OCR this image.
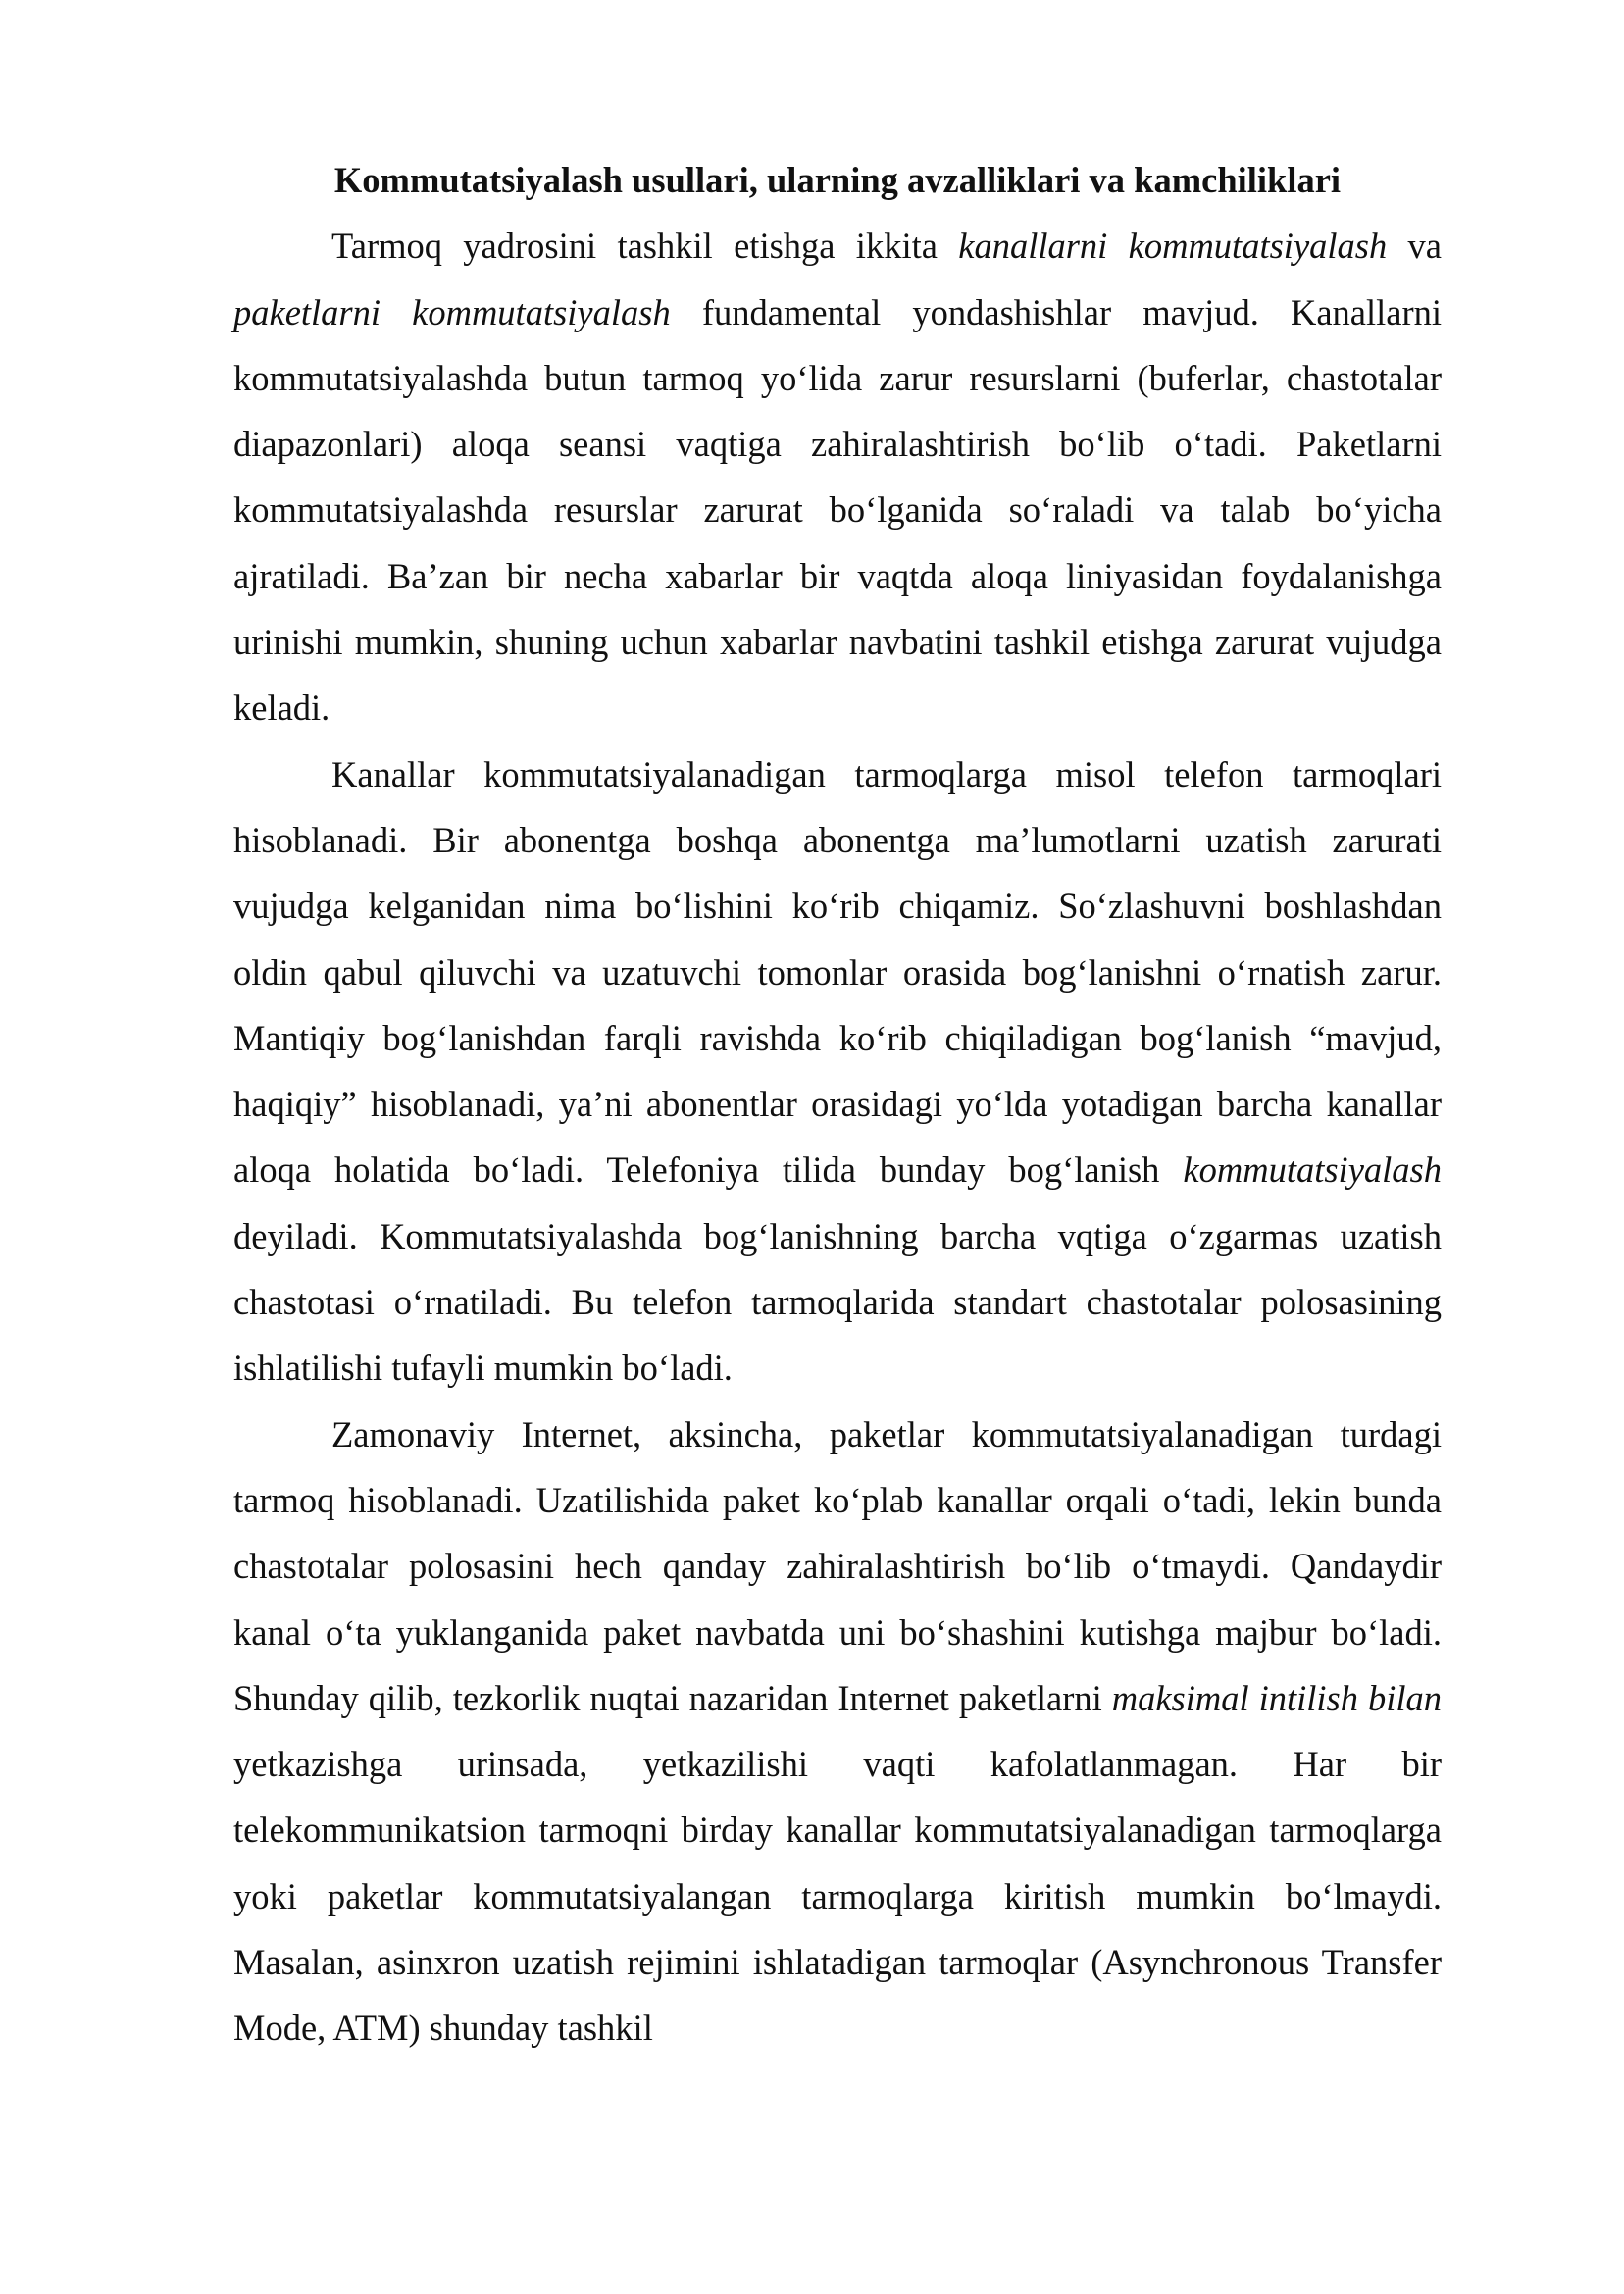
Kommutatsiyalash usullari, ularning avzalliklari va kamchiliklari

Tarmoq yadrosini tashkil etishga ikkita kanallarni kommutatsiyalash va paketlarni kommutatsiyalash fundamental yondashishlar mavjud. Kanallarni kommutatsiyalashda butun tarmoq yo‘lida zarur resurslarni (buferlar, chastotalar diapazonlari) aloqa seansi vaqtiga zahiralashtirish bo‘lib o‘tadi. Paketlarni kommutatsiyalashda resurslar zarurat bo‘lganida so‘raladi va talab bo‘yicha ajratiladi. Ba’zan bir necha xabarlar bir vaqtda aloqa liniyasidan foydalanishga urinishi mumkin, shuning uchun xabarlar navbatini tashkil etishga zarurat vujudga keladi.

Kanallar kommutatsiyalanadigan tarmoqlarga misol telefon tarmoqlari hisoblanadi. Bir abonentga boshqa abonentga ma’lumotlarni uzatish zarurati vujudga kelganidan nima bo‘lishini ko‘rib chiqamiz. So‘zlashuvni boshlashdan oldin qabul qiluvchi va uzatuvchi tomonlar orasida bog‘lanishni o‘rnatish zarur. Mantiqiy bog‘lanishdan farqli ravishda ko‘rib chiqiladigan bog‘lanish “mavjud, haqiqiy” hisoblanadi, ya’ni abonentlar orasidagi yo‘lda yotadigan barcha kanallar aloqa holatida bo‘ladi. Telefoniya tilida bunday bog‘lanish kommutatsiyalash deyiladi. Kommutatsiyalashda bog‘lanishning barcha vqtiga o‘zgarmas uzatish chastotasi o‘rnatiladi. Bu telefon tarmoqlarida standart chastotalar polosasining ishlatilishi tufayli mumkin bo‘ladi.

Zamonaviy Internet, aksincha, paketlar kommutatsiyalanadigan turdagi tarmoq hisoblanadi. Uzatilishida paket ko‘plab kanallar orqali o‘tadi, lekin bunda chastotalar polosasini hech qanday zahiralashtirish bo‘lib o‘tmaydi. Qandaydir kanal o‘ta yuklanganida paket navbatda uni bo‘shashini kutishga majbur bo‘ladi. Shunday qilib, tezkorlik nuqtai nazaridan Internet paketlarni maksimal intilish bilan yetkazishga urinsada, yetkazilishi vaqti kafolatlanmagan. Har bir telekommunikatsion tarmoqni birday kanallar kommutatsiyalanadigan tarmoqlarga yoki paketlar kommutatsiyalangan tarmoqlarga kiritish mumkin bo‘lmaydi. Masalan, asinxron uzatish rejimini ishlatadigan tarmoqlar (Asynchronous Transfer Mode, ATM) shunday tashkil
